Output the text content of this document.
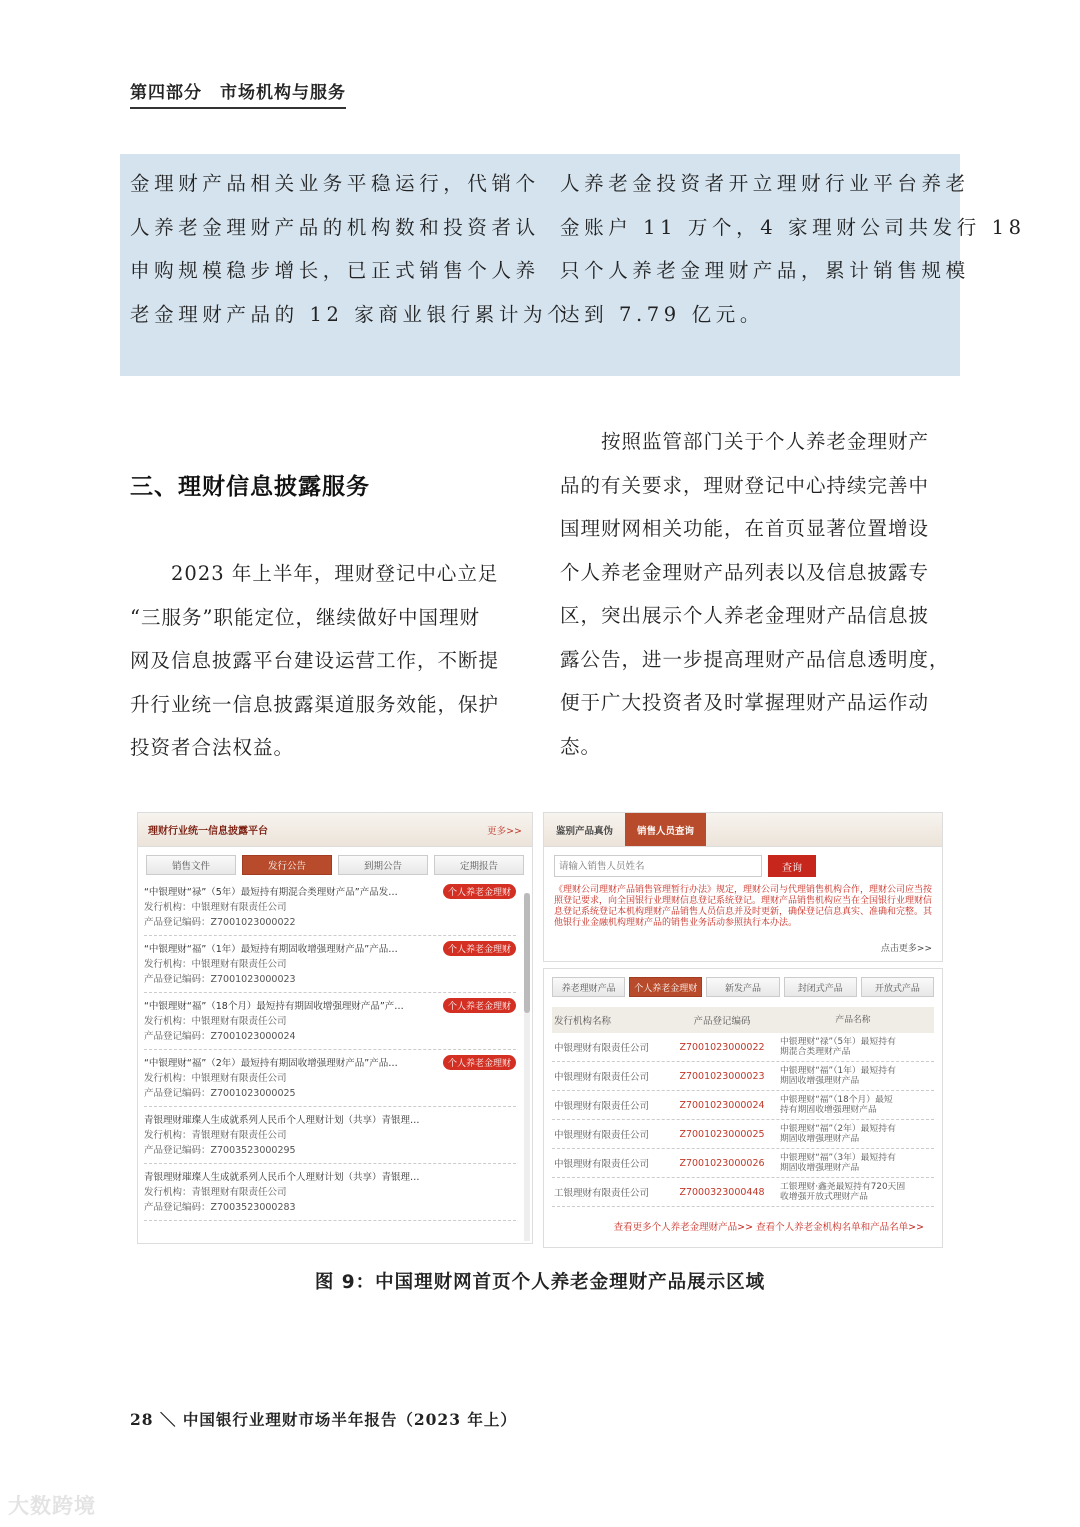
第四部分　市场机构与服务

金理财产品相关业务平稳运行，代销个

人养老金理财产品的机构数和投资者认

申购规模稳步增长，已正式销售个人养

老金理财产品的 12 家商业银行累计为个

人养老金投资者开立理财行业平台养老

金账户 11 万个，4 家理财公司共发行 18

只个人养老金理财产品，累计销售规模

达到 7.79 亿元。

三、理财信息披露服务

　　2023 年上半年，理财登记中心立足

“三服务”职能定位，继续做好中国理财

网及信息披露平台建设运营工作，不断提

升行业统一信息披露渠道服务效能，保护

投资者合法权益。

　　按照监管部门关于个人养老金理财产

品的有关要求，理财登记中心持续完善中

国理财网相关功能，在首页显著位置增设

个人养老金理财产品列表以及信息披露专

区，突出展示个人养老金理财产品信息披

露公告，进一步提高理财产品信息透明度，

便于广大投资者及时掌握理财产品运作动

态。

理财行业统一信息披露平台	更多>>
销售文件	发行公告	到期公告	定期报告
“中银理财“禄”（5年）最短持有期混合类理财产品”产品发…
发行机构：中银理财有限责任公司
产品登记编码：Z7001023000022
个人养老金理财
“中银理财“福”（1年）最短持有期固收增强理财产品”产品…
发行机构：中银理财有限责任公司
产品登记编码：Z7001023000023
个人养老金理财
“中银理财“福”（18个月）最短持有期固收增强理财产品”产…
发行机构：中银理财有限责任公司
产品登记编码：Z7001023000024
个人养老金理财
“中银理财“福”（2年）最短持有期固收增强理财产品”产品…
发行机构：中银理财有限责任公司
产品登记编码：Z7001023000025
个人养老金理财
青银理财璀璨人生成就系列人民币个人理财计划（共享）青银理…
发行机构：青银理财有限责任公司
产品登记编码：Z7003523000295
青银理财璀璨人生成就系列人民币个人理财计划（共享）青银理…
发行机构：青银理财有限责任公司
产品登记编码：Z7003523000283
鉴别产品真伪	销售人员查询
请输入销售人员姓名
查询
《理财公司理财产品销售管理暂行办法》规定，理财公司与代理销售机构合作，理财公司应当按照登记要求，向全国银行业理财信息登记系统登记。理财产品销售机构应当在全国银行业理财信息登记系统登记本机构理财产品销售人员信息并及时更新，确保登记信息真实、准确和完整。其他银行业金融机构理财产品的销售业务活动参照执行本办法。
点击更多>>
养老理财产品	个人养老金理财	新发产品	封闭式产品	开放式产品
发行机构名称	产品登记编码	产品名称
中银理财有限责任公司	Z7001023000022	中银理财“禄”（5年）最短持有
期混合类理财产品
中银理财有限责任公司	Z7001023000023	中银理财“福”（1年）最短持有
期固收增强理财产品
中银理财有限责任公司	Z7001023000024	中银理财“福”（18个月）最短
持有期固收增强理财产品
中银理财有限责任公司	Z7001023000025	中银理财“福”（2年）最短持有
期固收增强理财产品
中银理财有限责任公司	Z7001023000026	中银理财“福”（3年）最短持有
期固收增强理财产品
工银理财有限责任公司	Z7000323000448	工银理财·鑫尧最短持有720天固
收增强开放式理财产品
查看更多个人养老金理财产品>> 查看个人养老金机构名单和产品名单>>
图 9：中国理财网首页个人养老金理财产品展示区域
28 ＼ 中国银行业理财市场半年报告（2023 年上）
大数跨境
